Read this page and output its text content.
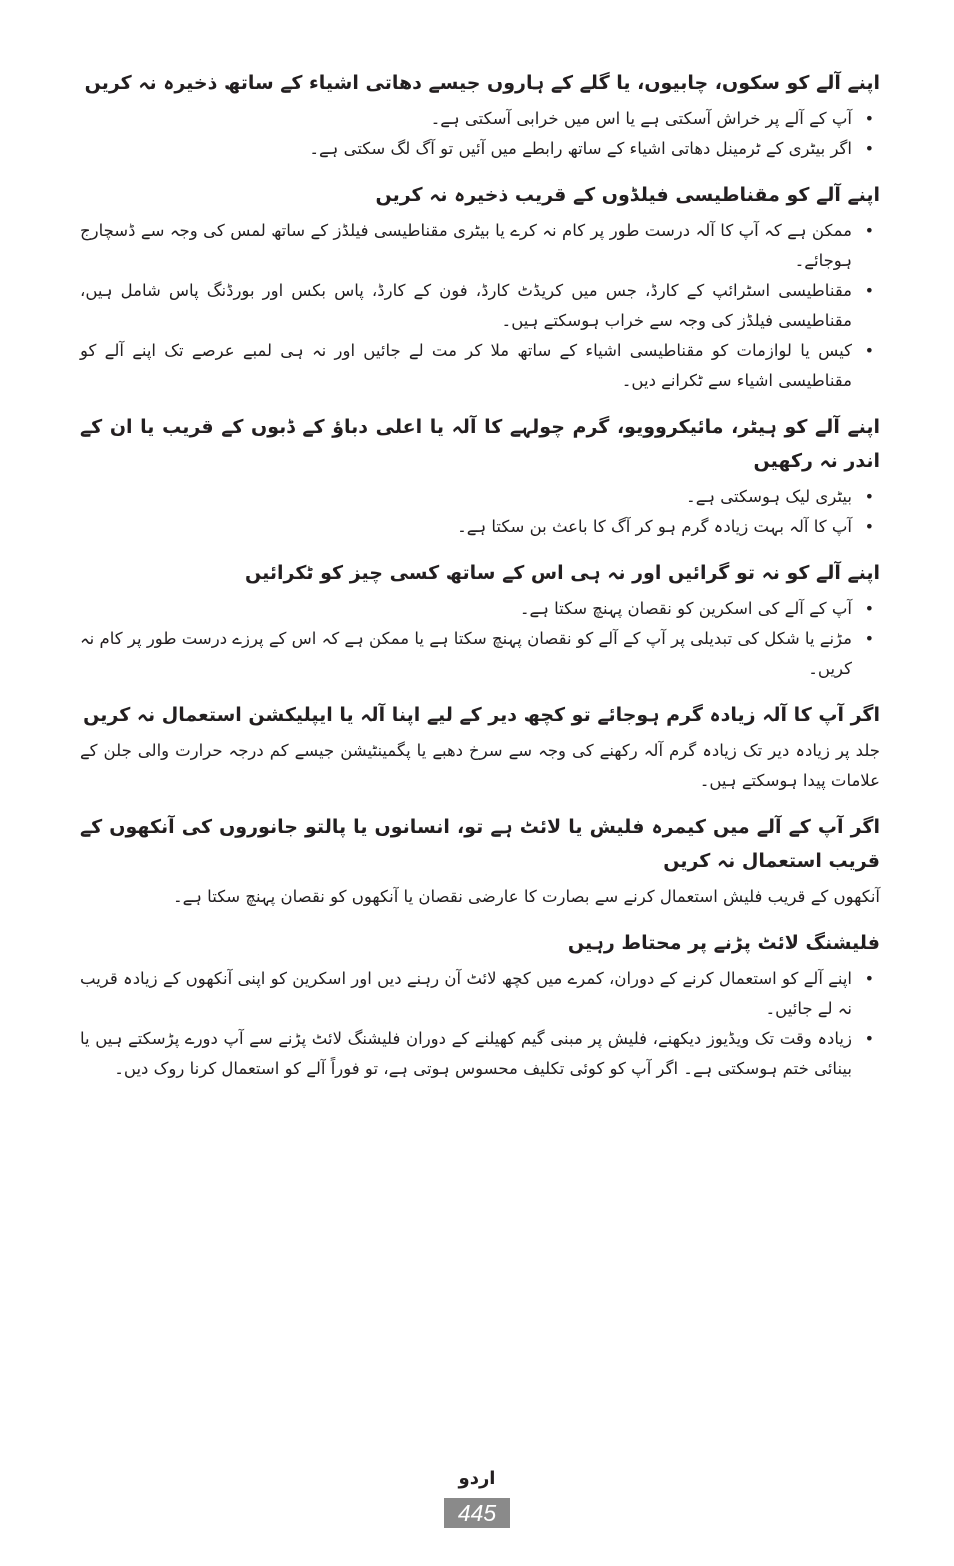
اپنے آلے کو سکوں، چابیوں، یا گلے کے ہاروں جیسے دھاتی اشیاء کے ساتھ ذخیرہ نہ کریں
•
آپ کے آلے پر خراش آسکتی ہے یا اس میں خرابی آسکتی ہے۔
•
اگر بیٹری کے ٹرمینل دھاتی اشیاء کے ساتھ رابطے میں آئیں تو آگ لگ سکتی ہے۔
اپنے آلے کو مقناطیسی فیلڈوں کے قریب ذخیرہ نہ کریں
•
ممکن ہے کہ آپ کا آلہ درست طور پر کام نہ کرے یا بیٹری مقناطیسی فیلڈز کے ساتھ لمس کی وجہ سے ڈسچارج ہوجائے۔
•
مقناطیسی اسٹرائپ کے کارڈ، جس میں کریڈٹ کارڈ، فون کے کارڈ، پاس بکس اور بورڈنگ پاس شامل ہیں، مقناطیسی فیلڈز کی وجہ سے خراب ہوسکتے ہیں۔
•
کیس یا لوازمات کو مقناطیسی اشیاء کے ساتھ ملا کر مت لے جائیں اور نہ ہی لمبے عرصے تک اپنے آلے کو مقناطیسی اشیاء سے ٹکرانے دیں۔
اپنے آلے کو ہیٹر، مائیکروویو، گرم چولہے کا آلہ یا اعلی دباؤ کے ڈبوں کے قریب یا ان کے اندر نہ رکھیں
•
بیٹری لیک ہوسکتی ہے۔
•
آپ کا آلہ بہت زیادہ گرم ہو کر آگ کا باعث بن سکتا ہے۔
اپنے آلے کو نہ تو گرائیں اور نہ ہی اس کے ساتھ کسی چیز کو ٹکرائیں
•
آپ کے آلے کی اسکرین کو نقصان پہنچ سکتا ہے۔
•
مڑنے یا شکل کی تبدیلی پر آپ کے آلے کو نقصان پہنچ سکتا ہے یا ممکن ہے کہ اس کے پرزے درست طور پر کام نہ کریں۔
اگر آپ کا آلہ زیادہ گرم ہوجائے تو کچھ دیر کے لیے اپنا آلہ یا ایپلیکشن استعمال نہ کریں

جلد پر زیادہ دیر تک زیادہ گرم آلہ رکھنے کی وجہ سے سرخ دھبے یا پگمینٹیشن جیسے کم درجہ حرارت والی جلن کے علامات پیدا ہوسکتے ہیں۔

اگر آپ کے آلے میں کیمرہ فلیش یا لائٹ ہے تو، انسانوں یا پالتو جانوروں کی آنکھوں کے قریب استعمال نہ کریں

آنکھوں کے قریب فلیش استعمال کرنے سے بصارت کا عارضی نقصان یا آنکھوں کو نقصان پہنچ سکتا ہے۔

فلیشنگ لائٹ پڑنے پر محتاط رہیں
•
اپنے آلے کو استعمال کرنے کے دوران، کمرے میں کچھ لائٹ آن رہنے دیں اور اسکرین کو اپنی آنکھوں کے زیادہ قریب نہ لے جائیں۔
•
زیادہ وقت تک ویڈیوز دیکھنے، فلیش پر مبنی گیم کھیلنے کے دوران فلیشنگ لائٹ پڑنے سے آپ دورے پڑسکتے ہیں یا بینائی ختم ہوسکتی ہے۔ اگر آپ کو کوئی تکلیف محسوس ہوتی ہے، تو فوراً آلے کو استعمال کرنا روک دیں۔
اردو
445
